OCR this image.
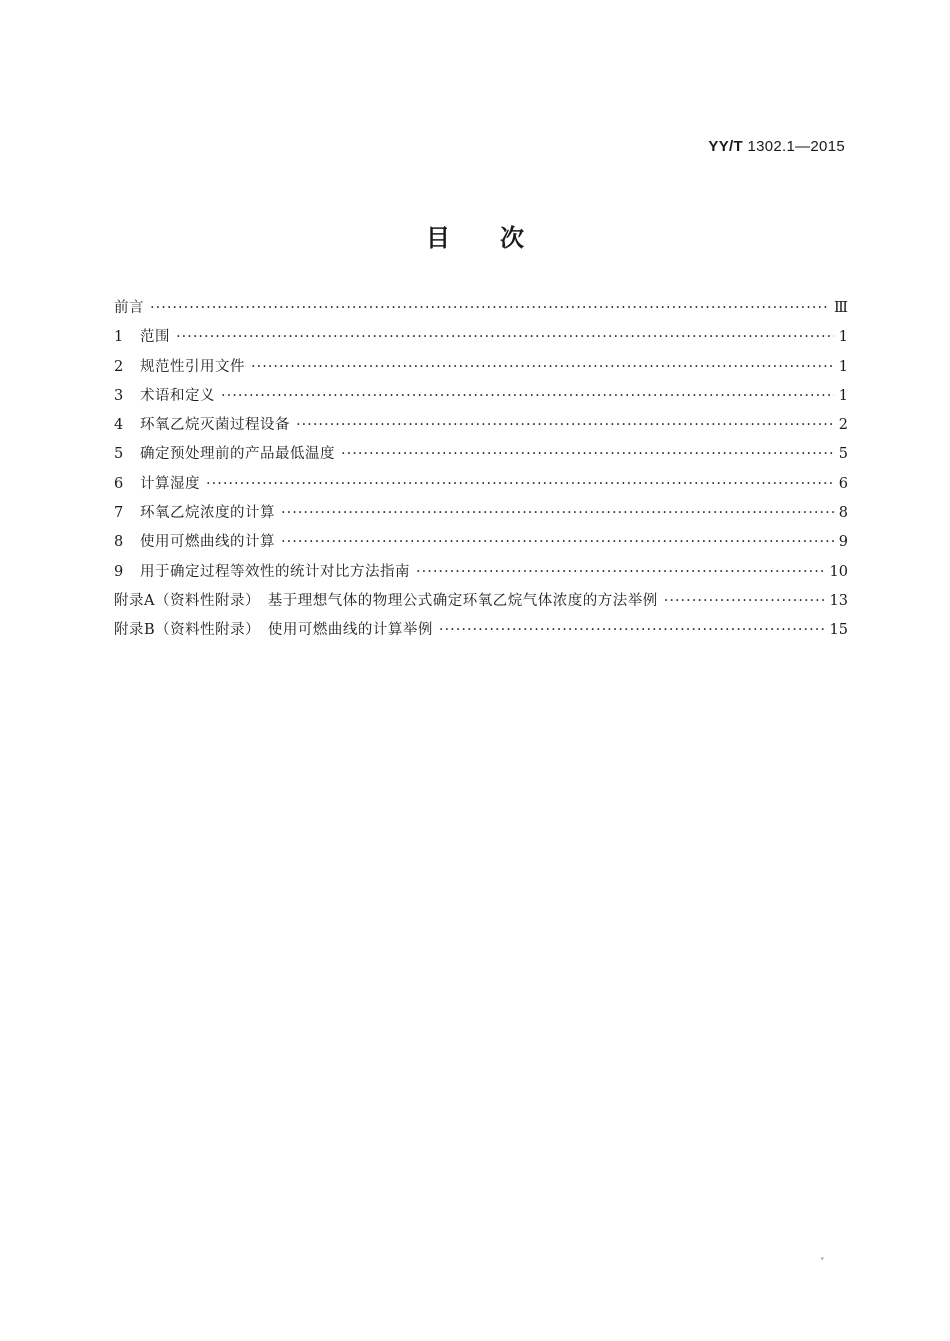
YY/T 1302.1—2015
目次
前言 ·····	Ⅲ
1	范围 ·····	1
2	规范性引用文件 ·····	1
3	术语和定义 ·····	1
4	环氧乙烷灭菌过程设备 ·····	2
5	确定预处理前的产品最低温度 ·····	5
6	计算湿度 ·····	6
7	环氧乙烷浓度的计算 ·····	8
8	使用可燃曲线的计算 ·····	9
9	用于确定过程等效性的统计对比方法指南 ·····	10
附录A（资料性附录）　基于理想气体的物理公式确定环氧乙烷气体浓度的方法举例 ·····	13
附录B（资料性附录）　使用可燃曲线的计算举例 ·····	15
˅
